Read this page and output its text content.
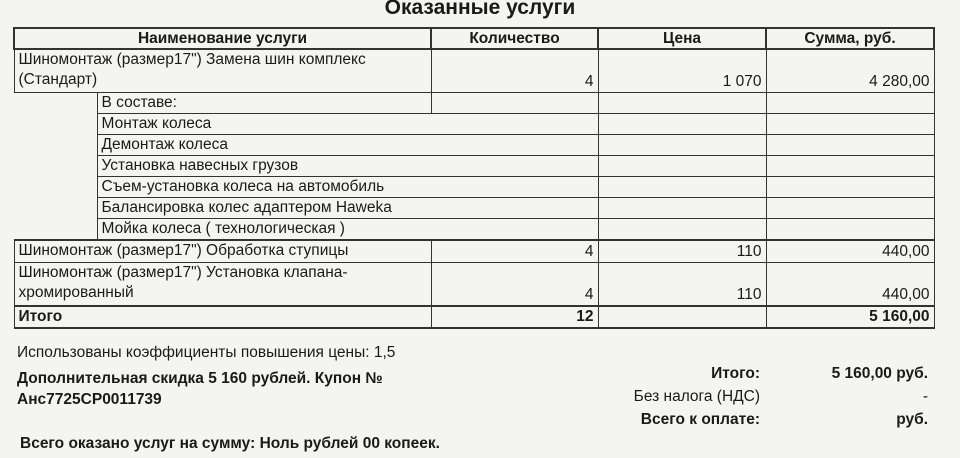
Оказанные услуги
Наименование услуги		Количество	Цена	Сумма, руб.
Шиномонтаж (размер17") Замена шин комплекс (Стандарт)		4	1 070	4 280,00
	В составе:			
	Монтаж колеса			
	Демонтаж колеса			
	Установка навесных грузов			
	Съем-установка колеса на автомобиль			
	Балансировка колес адаптером Haweka			
	Мойка колеса ( технологическая )			
Шиномонтаж (размер17") Обработка ступицы		4	110	440,00
Шиномонтаж (размер17") Установка клапана-хромированный		4	110	440,00
Итого		12		5 160,00
Использованы коэффициенты повышения цены: 1,5
Дополнительная скидка 5 160 рублей. Купон № Анс7725СР0011739
Итого:	5 160,00 руб.
Без налога (НДС)	-
Всего к оплате:	руб.
Всего оказано услуг на сумму: Ноль рублей 00 копеек.
